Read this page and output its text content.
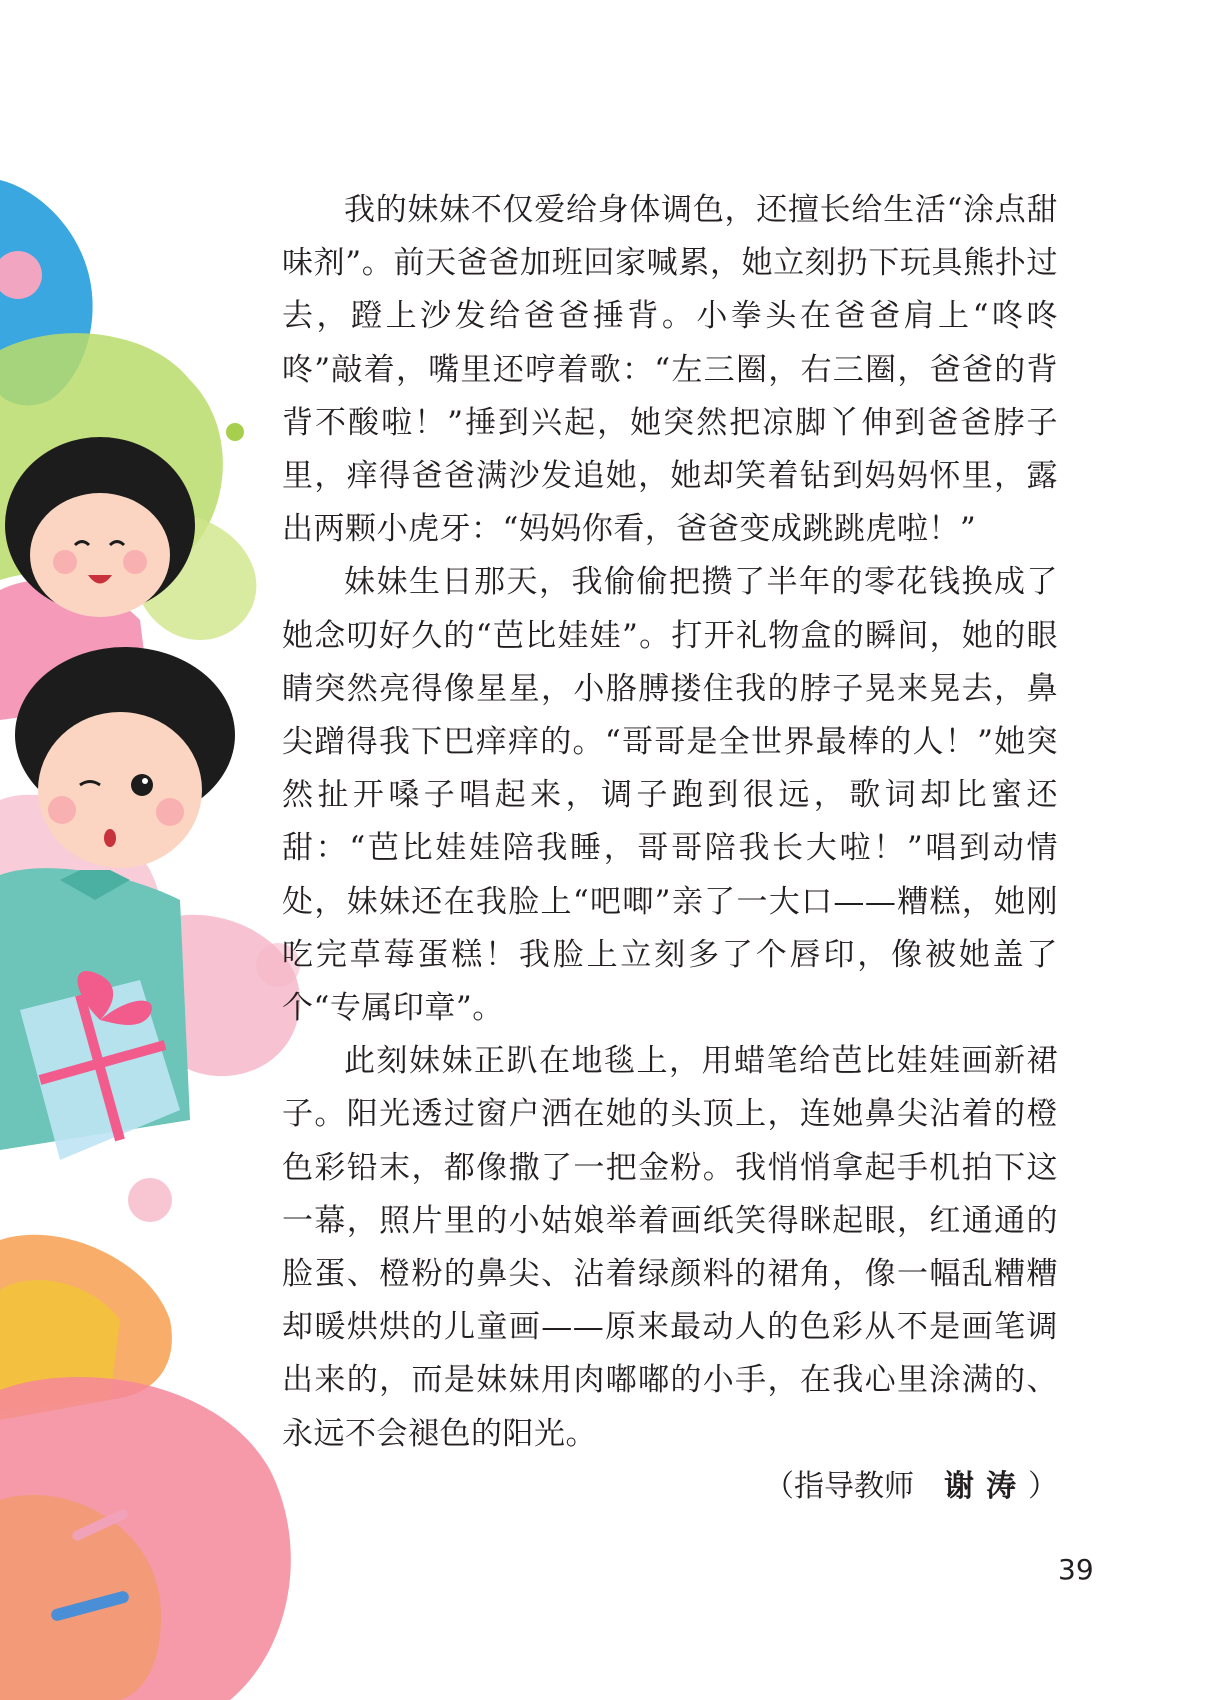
我的妹妹不仅爱给身体调色，还擅长给生活“涂点甜味剂”。前天爸爸加班回家喊累，她立刻扔下玩具熊扑过去，蹬上沙发给爸爸捶背。小拳头在爸爸肩上“咚咚咚”敲着，嘴里还哼着歌：“左三圈，右三圈，爸爸的背背不酸啦！”捶到兴起，她突然把凉脚丫伸到爸爸脖子里，痒得爸爸满沙发追她，她却笑着钻到妈妈怀里，露出两颗小虎牙：“妈妈你看，爸爸变成跳跳虎啦！”

妹妹生日那天，我偷偷把攒了半年的零花钱换成了她念叨好久的“芭比娃娃”。打开礼物盒的瞬间，她的眼睛突然亮得像星星，小胳膊搂住我的脖子晃来晃去，鼻尖蹭得我下巴痒痒的。“哥哥是全世界最棒的人！”她突然扯开嗓子唱起来，调子跑到很远，歌词却比蜜还甜：“芭比娃娃陪我睡，哥哥陪我长大啦！”唱到动情处，妹妹还在我脸上“吧唧”亲了一大口——糟糕，她刚吃完草莓蛋糕！我脸上立刻多了个唇印，像被她盖了个“专属印章”。

此刻妹妹正趴在地毯上，用蜡笔给芭比娃娃画新裙子。阳光透过窗户洒在她的头顶上，连她鼻尖沾着的橙色彩铅末，都像撒了一把金粉。我悄悄拿起手机拍下这一幕，照片里的小姑娘举着画纸笑得眯起眼，红通通的脸蛋、橙粉的鼻尖、沾着绿颜料的裙角，像一幅乱糟糟却暖烘烘的儿童画——原来最动人的色彩从不是画笔调出来的，而是妹妹用肉嘟嘟的小手，在我心里涂满的、永远不会褪色的阳光。

（指导教师 谢涛）
39
